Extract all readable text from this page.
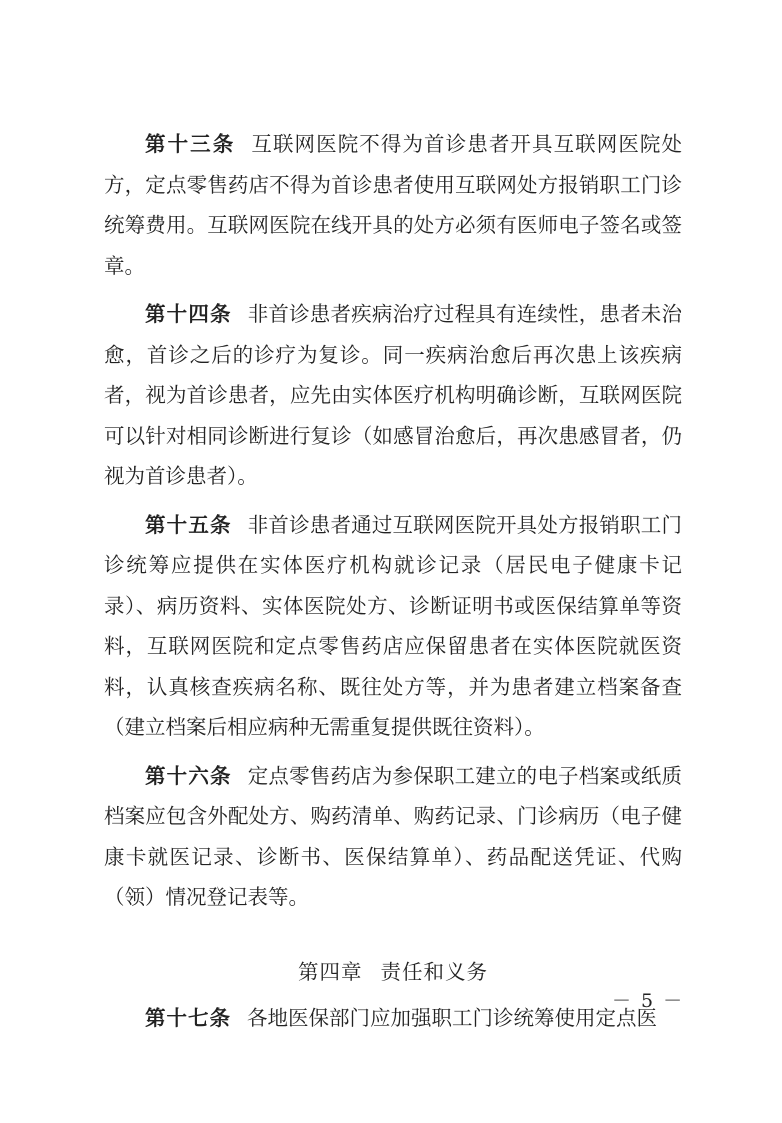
第十三条 互联网医院不得为首诊患者开具互联网医院处方，定点零售药店不得为首诊患者使用互联网处方报销职工门诊统筹费用。互联网医院在线开具的处方必须有医师电子签名或签章。

第十四条 非首诊患者疾病治疗过程具有连续性，患者未治愈，首诊之后的诊疗为复诊。同一疾病治愈后再次患上该疾病者，视为首诊患者，应先由实体医疗机构明确诊断，互联网医院可以针对相同诊断进行复诊（如感冒治愈后，再次患感冒者，仍视为首诊患者）。

第十五条 非首诊患者通过互联网医院开具处方报销职工门诊统筹应提供在实体医疗机构就诊记录（居民电子健康卡记录）、病历资料、实体医院处方、诊断证明书或医保结算单等资料，互联网医院和定点零售药店应保留患者在实体医院就医资料，认真核查疾病名称、既往处方等，并为患者建立档案备查（建立档案后相应病种无需重复提供既往资料）。

第十六条 定点零售药店为参保职工建立的电子档案或纸质档案应包含外配处方、购药清单、购药记录、门诊病历（电子健康卡就医记录、诊断书、医保结算单）、药品配送凭证、代购（领）情况登记表等。

第四章 责任和义务

第十七条 各地医保部门应加强职工门诊统筹使用定点医

－ 5 －
